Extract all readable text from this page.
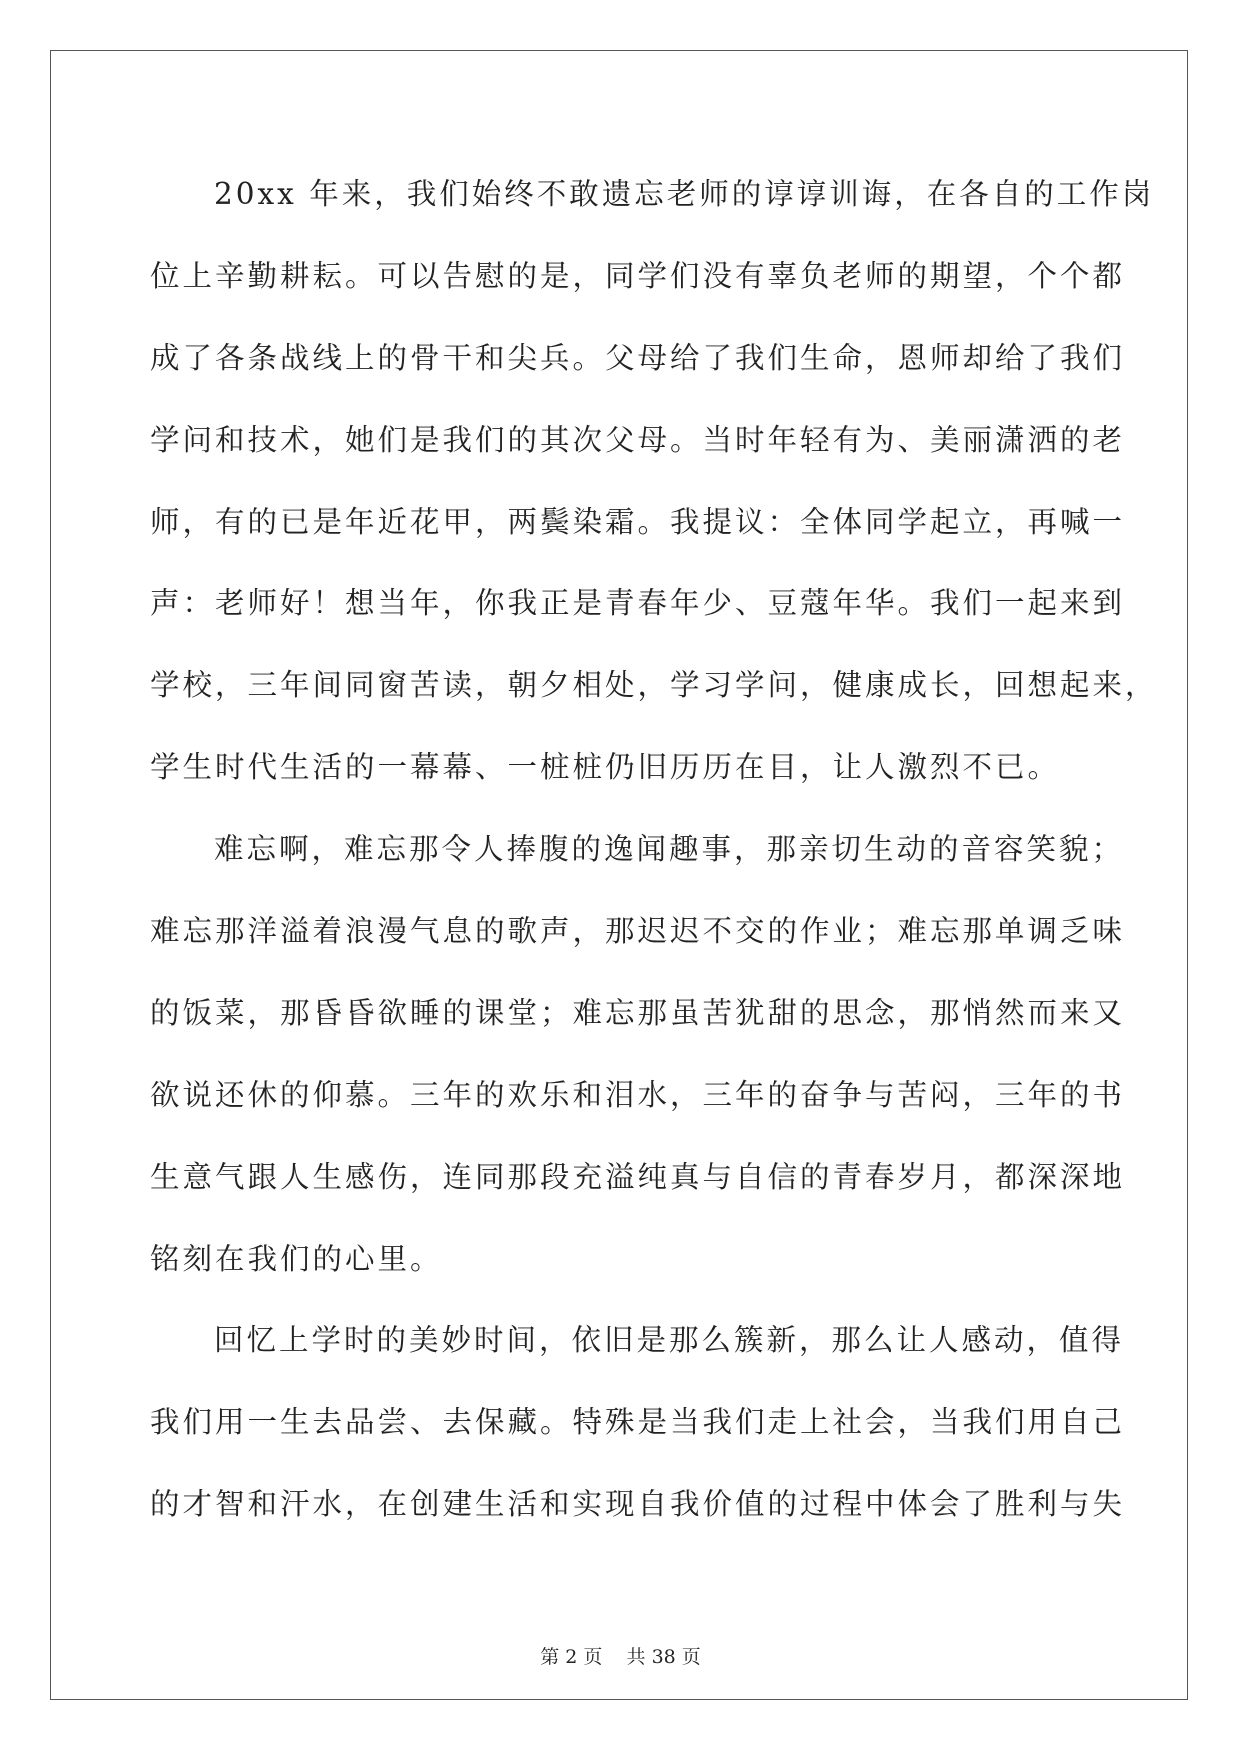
20xx 年来，我们始终不敢遗忘老师的谆谆训诲，在各自的工作岗
位上辛勤耕耘。可以告慰的是，同学们没有辜负老师的期望，个个都
成了各条战线上的骨干和尖兵。父母给了我们生命，恩师却给了我们
学问和技术，她们是我们的其次父母。当时年轻有为、美丽潇洒的老
师，有的已是年近花甲，两鬓染霜。我提议：全体同学起立，再喊一
声：老师好！想当年，你我正是青春年少、豆蔻年华。我们一起来到
学校，三年间同窗苦读，朝夕相处，学习学问，健康成长，回想起来，
学生时代生活的一幕幕、一桩桩仍旧历历在目，让人激烈不已。
难忘啊，难忘那令人捧腹的逸闻趣事，那亲切生动的音容笑貌；
难忘那洋溢着浪漫气息的歌声，那迟迟不交的作业；难忘那单调乏味
的饭菜，那昏昏欲睡的课堂；难忘那虽苦犹甜的思念，那悄然而来又
欲说还休的仰慕。三年的欢乐和泪水，三年的奋争与苦闷，三年的书
生意气跟人生感伤，连同那段充溢纯真与自信的青春岁月，都深深地
铭刻在我们的心里。
回忆上学时的美妙时间，依旧是那么簇新，那么让人感动，值得
我们用一生去品尝、去保藏。特殊是当我们走上社会，当我们用自己
的才智和汗水，在创建生活和实现自我价值的过程中体会了胜利与失
第 2 页 共 38 页
